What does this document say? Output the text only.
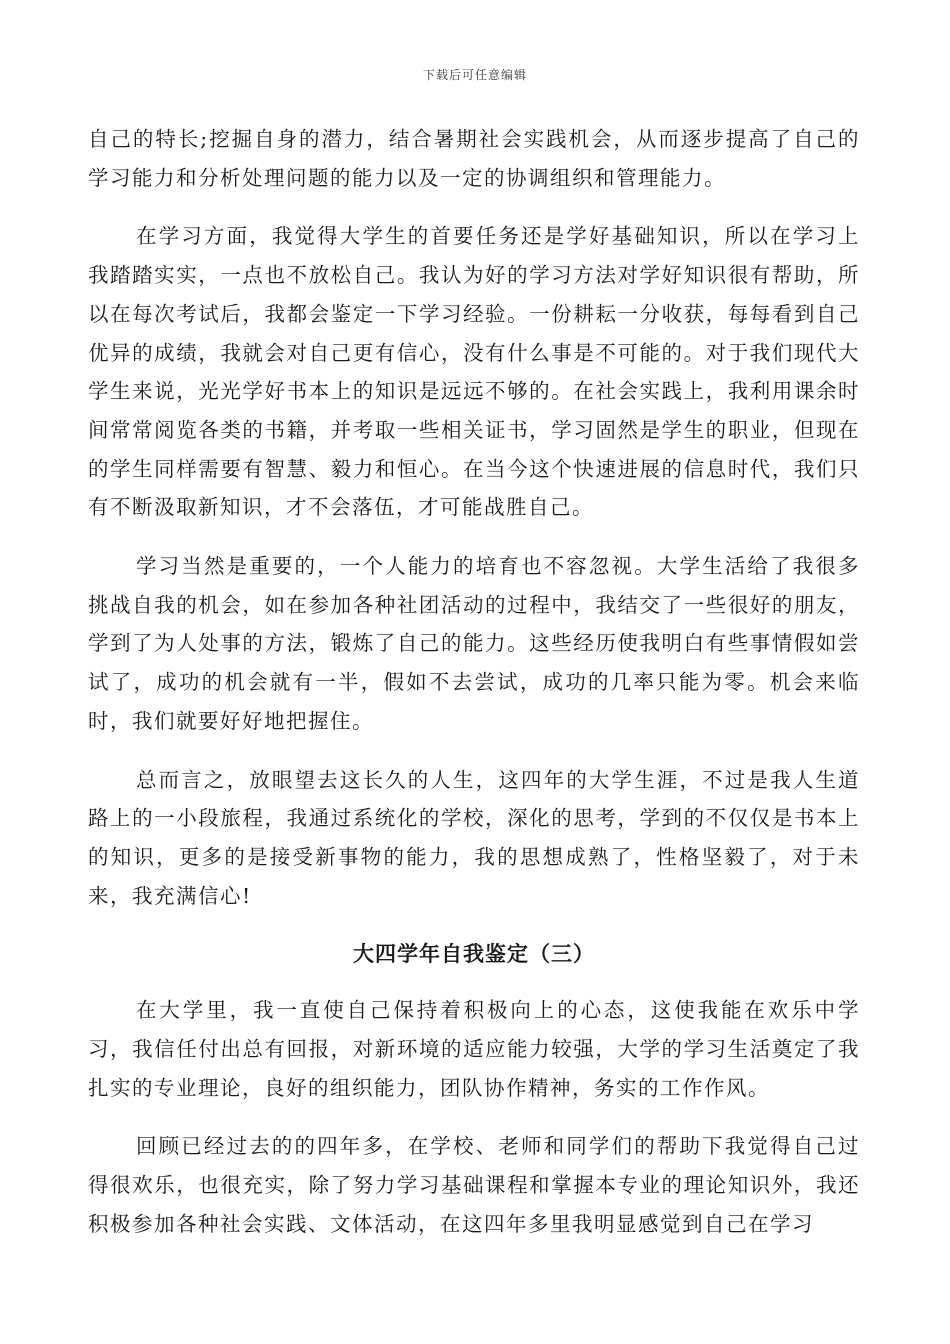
下载后可任意编辑

自己的特长;挖掘自身的潜力，结合暑期社会实践机会，从而逐步提高了自己的学习能力和分析处理问题的能力以及一定的协调组织和管理能力。

在学习方面，我觉得大学生的首要任务还是学好基础知识，所以在学习上我踏踏实实，一点也不放松自己。我认为好的学习方法对学好知识很有帮助，所以在每次考试后，我都会鉴定一下学习经验。一份耕耘一分收获，每每看到自己优异的成绩，我就会对自己更有信心，没有什么事是不可能的。对于我们现代大学生来说，光光学好书本上的知识是远远不够的。在社会实践上，我利用课余时间常常阅览各类的书籍，并考取一些相关证书，学习固然是学生的职业，但现在的学生同样需要有智慧、毅力和恒心。在当今这个快速进展的信息时代，我们只有不断汲取新知识，才不会落伍，才可能战胜自己。

学习当然是重要的，一个人能力的培育也不容忽视。大学生活给了我很多挑战自我的机会，如在参加各种社团活动的过程中，我结交了一些很好的朋友，学到了为人处事的方法，锻炼了自己的能力。这些经历使我明白有些事情假如尝试了，成功的机会就有一半，假如不去尝试，成功的几率只能为零。机会来临时，我们就要好好地把握住。

总而言之，放眼望去这长久的人生，这四年的大学生涯，不过是我人生道路上的一小段旅程，我通过系统化的学校，深化的思考，学到的不仅仅是书本上的知识，更多的是接受新事物的能力，我的思想成熟了，性格坚毅了，对于未来，我充满信心!

大四学年自我鉴定（三）

在大学里，我一直使自己保持着积极向上的心态，这使我能在欢乐中学习，我信任付出总有回报，对新环境的适应能力较强，大学的学习生活奠定了我扎实的专业理论，良好的组织能力，团队协作精神，务实的工作作风。

回顾已经过去的的四年多，在学校、老师和同学们的帮助下我觉得自己过得很欢乐，也很充实，除了努力学习基础课程和掌握本专业的理论知识外，我还积极参加各种社会实践、文体活动，在这四年多里我明显感觉到自己在学习
